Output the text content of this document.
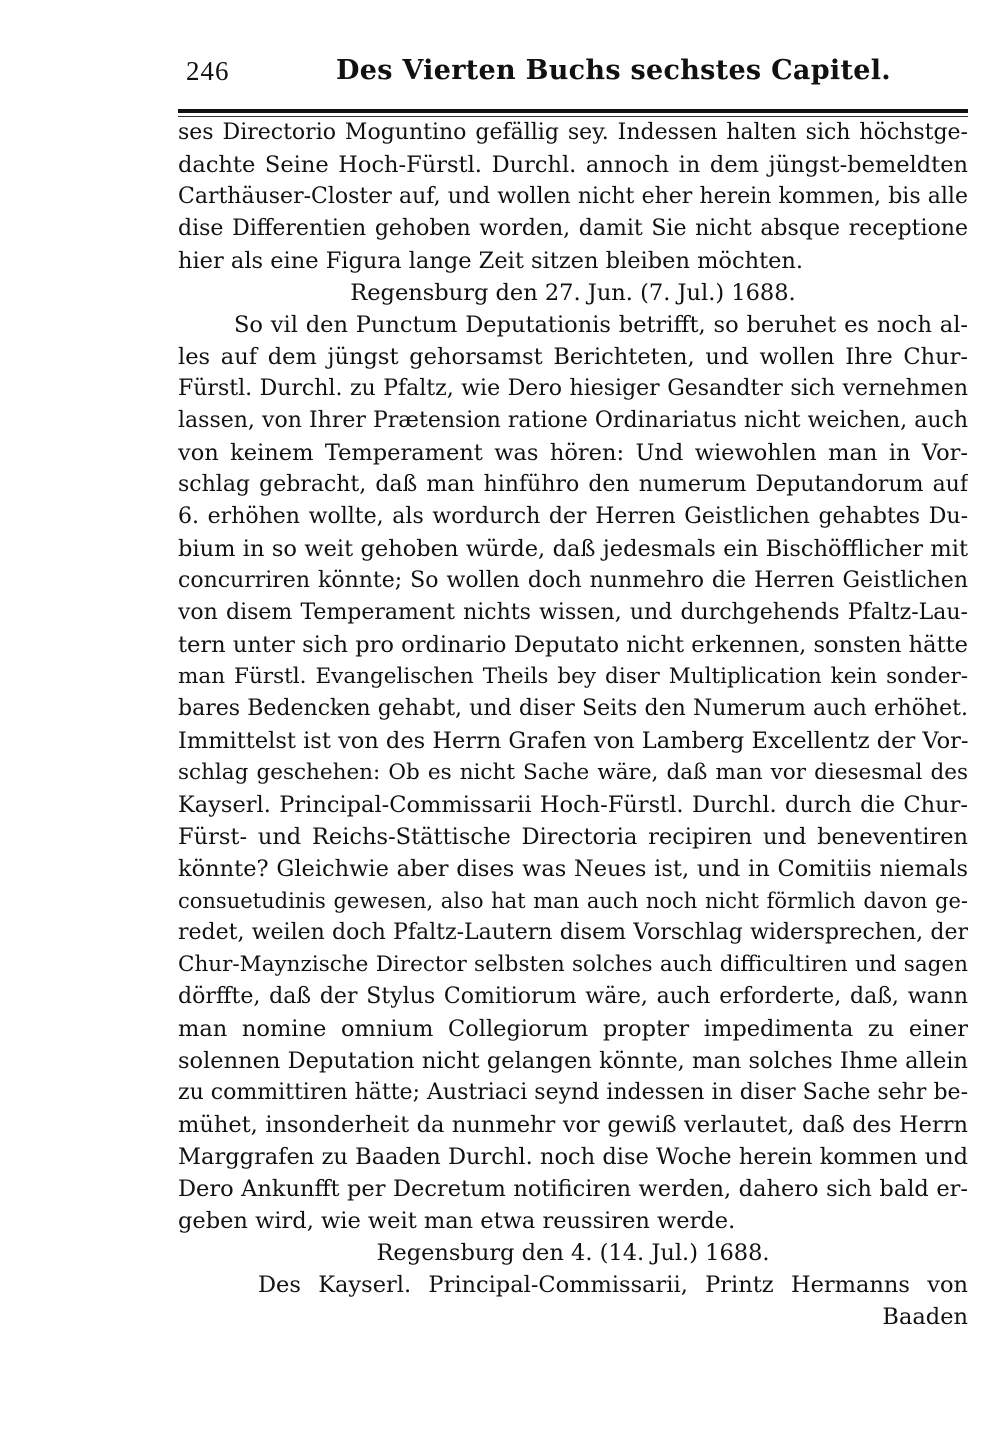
246	Des Vierten Buchs sechstes Capitel.
ses Directorio Moguntino gefällig sey. Indessen halten sich höchstge-
dachte Seine Hoch-Fürstl. Durchl. annoch in dem jüngst-bemeldten
Carthäuser-Closter auf, und wollen nicht eher herein kommen, bis alle
dise Differentien gehoben worden, damit Sie nicht absque receptione
hier als eine Figura lange Zeit sitzen bleiben möchten.
Regensburg den 27. Jun. (7. Jul.) 1688.
So vil den Punctum Deputationis betrifft, so beruhet es noch al-
les auf dem jüngst gehorsamst Berichteten, und wollen Ihre Chur-
Fürstl. Durchl. zu Pfaltz, wie Dero hiesiger Gesandter sich vernehmen
lassen, von Ihrer Prætension ratione Ordinariatus nicht weichen, auch
von keinem Temperament was hören: Und wiewohlen man in Vor-
schlag gebracht, daß man hinführo den numerum Deputandorum auf
6. erhöhen wollte, als wordurch der Herren Geistlichen gehabtes Du-
bium in so weit gehoben würde, daß jedesmals ein Bischöfflicher mit
concurriren könnte; So wollen doch nunmehro die Herren Geistlichen
von disem Temperament nichts wissen, und durchgehends Pfaltz-Lau-
tern unter sich pro ordinario Deputato nicht erkennen, sonsten hätte
man Fürstl. Evangelischen Theils bey diser Multiplication kein sonder-
bares Bedencken gehabt, und diser Seits den Numerum auch erhöhet.
Immittelst ist von des Herrn Grafen von Lamberg Excellentz der Vor-
schlag geschehen: Ob es nicht Sache wäre, daß man vor diesesmal des
Kayserl. Principal-Commissarii Hoch-Fürstl. Durchl. durch die Chur-
Fürst- und Reichs-Stättische Directoria recipiren und beneventiren
könnte? Gleichwie aber dises was Neues ist, und in Comitiis niemals
consuetudinis gewesen, also hat man auch noch nicht förmlich davon ge-
redet, weilen doch Pfaltz-Lautern disem Vorschlag widersprechen, der
Chur-Maynzische Director selbsten solches auch difficultiren und sagen
dörffte, daß der Stylus Comitiorum wäre, auch erforderte, daß, wann
man nomine omnium Collegiorum propter impedimenta zu einer
solennen Deputation nicht gelangen könnte, man solches Ihme allein
zu committiren hätte; Austriaci seynd indessen in diser Sache sehr be-
mühet, insonderheit da nunmehr vor gewiß verlautet, daß des Herrn
Marggrafen zu Baaden Durchl. noch dise Woche herein kommen und
Dero Ankunfft per Decretum notificiren werden, dahero sich bald er-
geben wird, wie weit man etwa reussiren werde.
Regensburg den 4. (14. Jul.) 1688.
Des Kayserl. Principal-Commissarii, Printz Hermanns von
Baaden
